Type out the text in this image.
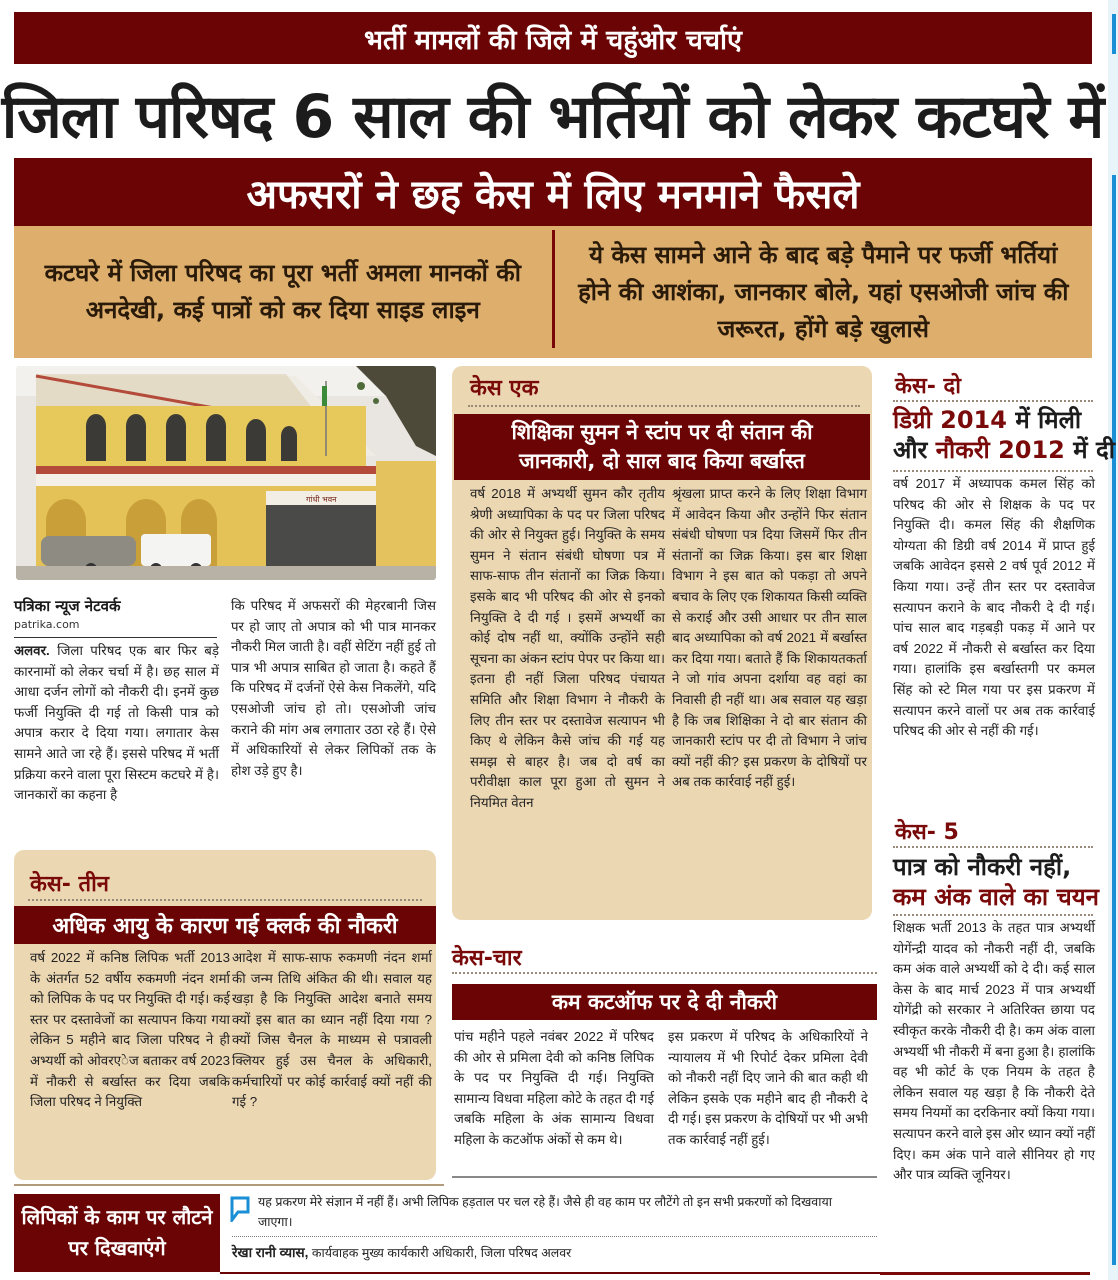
भर्ती मामलों की जिले में चहुंओर चर्चाएं
जिला परिषद 6 साल की भर्तियों को लेकर कटघरे में
अफसरों ने छह केस में लिए मनमाने फैसले
कटघरे में जिला परिषद का पूरा भर्ती अमला मानकों की अनदेखी, कई पात्रों को कर दिया साइड लाइन
ये केस सामने आने के बाद बड़े पैमाने पर फर्जी भर्तियां होने की आशंका, जानकार बोले, यहां एसओजी जांच की जरूरत, होंगे बड़े खुलासे
गांधी भवन
पत्रिका न्यूज नेटवर्क
patrika.com
अलवर. जिला परिषद एक बार फिर बड़े कारनामों को लेकर चर्चा में है। छह साल में आधा दर्जन लोगों को नौकरी दी। इनमें कुछ फर्जी नियुक्ति दी गई तो किसी पात्र को अपात्र करार दे दिया गया। लगातार केस सामने आते जा रहे हैं। इससे परिषद में भर्ती प्रक्रिया करने वाला पूरा सिस्टम कटघरे में है। जानकारों का कहना है
कि परिषद में अफसरों की मेहरबानी जिस पर हो जाए तो अपात्र को भी पात्र मानकर नौकरी मिल जाती है। वहीं सेटिंग नहीं हुई तो पात्र भी अपात्र साबित हो जाता है। कहते हैं कि परिषद में दर्जनों ऐसे केस निकलेंगे, यदि एसओजी जांच हो तो। एसओजी जांच कराने की मांग अब लगातार उठा रहे हैं। ऐसे में अधिकारियों से लेकर लिपिकों तक के होश उड़े हुए है।
केस एक
शिक्षिका सुमन ने स्टांप पर दी संतान की जानकारी, दो साल बाद किया बर्खास्त
वर्ष 2018 में अभ्यर्थी सुमन कौर तृतीय श्रेणी अध्यापिका के पद पर जिला परिषद की ओर से नियुक्त हुई। नियुक्ति के समय सुमन ने संतान संबंधी घोषणा पत्र में साफ-साफ तीन संतानों का जिक्र किया। इसके बाद भी परिषद की ओर से इनको नियुक्ति दे दी गई । इसमें अभ्यर्थी का कोई दोष नहीं था, क्योंकि उन्होंने सही सूचना का अंकन स्टांप पेपर पर किया था। इतना ही नहीं जिला परिषद पंचायत समिति और शिक्षा विभाग ने नौकरी के लिए तीन स्तर पर दस्तावेज सत्यापन भी किए थे लेकिन कैसे जांच की गई यह समझ से बाहर है। जब दो वर्ष का परीवीक्षा काल पूरा हुआ तो सुमन ने नियमित वेतन
श्रृंखला प्राप्त करने के लिए शिक्षा विभाग में आवेदन किया और उन्होंने फिर संतान संबंधी घोषणा पत्र दिया जिसमें फिर तीन संतानों का जिक्र किया। इस बार शिक्षा विभाग ने इस बात को पकड़ा तो अपने बचाव के लिए एक शिकायत किसी व्यक्ति से कराई और उसी आधार पर तीन साल बाद अध्यापिका को वर्ष 2021 में बर्खास्त कर दिया गया। बताते हैं कि शिकायतकर्ता ने जो गांव अपना दर्शाया वह वहां का निवासी ही नहीं था। अब सवाल यह खड़ा है कि जब शिक्षिका ने दो बार संतान की जानकारी स्टांप पर दी तो विभाग ने जांच क्यों नहीं की? इस प्रकरण के दोषियों पर अब तक कार्रवाई नहीं हुई।
केस- दो
डिग्री 2014 में मिली और नौकरी 2012 में दी
वर्ष 2017 में अध्यापक कमल सिंह को परिषद की ओर से शिक्षक के पद पर नियुक्ति दी। कमल सिंह की शैक्षणिक योग्यता की डिग्री वर्ष 2014 में प्राप्त हुई जबकि आवेदन इससे 2 वर्ष पूर्व 2012 में किया गया। उन्हें तीन स्तर पर दस्तावेज सत्यापन कराने के बाद नौकरी दे दी गई। पांच साल बाद गड़बड़ी पकड़ में आने पर वर्ष 2022 में नौकरी से बर्खास्त कर दिया गया। हालांकि इस बर्खास्तगी पर कमल सिंह को स्टे मिल गया पर इस प्रकरण में सत्यापन करने वालों पर अब तक कार्रवाई परिषद की ओर से नहीं की गई।
केस- 5
पात्र को नौकरी नहीं,
कम अंक वाले का चयन
शिक्षक भर्ती 2013 के तहत पात्र अभ्यर्थी योगेंन्द्री यादव को नौकरी नहीं दी, जबकि कम अंक वाले अभ्यर्थी को दे दी। कई साल केस के बाद मार्च 2023 में पात्र अभ्यर्थी योगेंद्री को सरकार ने अतिरिक्त छाया पद स्वीकृत करके नौकरी दी है। कम अंक वाला अभ्यर्थी भी नौकरी में बना हुआ है। हालांकि वह भी कोर्ट के एक नियम के तहत है लेकिन सवाल यह खड़ा है कि नौकरी देते समय नियमों का दरकिनार क्यों किया गया। सत्यापन करने वाले इस ओर ध्यान क्यों नहीं दिए। कम अंक पाने वाले सीनियर हो गए और पात्र व्यक्ति जूनियर।
केस- तीन
अधिक आयु के कारण गई क्लर्क की नौकरी
वर्ष 2022 में कनिष्ठ लिपिक भर्ती 2013 के अंतर्गत 52 वर्षीय रुकमणी नंदन शर्मा को लिपिक के पद पर नियुक्ति दी गई। कई स्तर पर दस्तावेजों का सत्यापन किया गया लेकिन 5 महीने बाद जिला परिषद ने ही अभ्यर्थी को ओवरएेज बताकर वर्ष 2023 में नौकरी से बर्खास्त कर दिया जबकि जिला परिषद ने नियुक्ति
आदेश में साफ-साफ रुकमणी नंदन शर्मा की जन्म तिथि अंकित की थी। सवाल यह खड़ा है कि नियुक्ति आदेश बनाते समय क्यों इस बात का ध्यान नहीं दिया गया ? क्यों जिस चैनल के माध्यम से पत्रावली क्लियर हुई उस चैनल के अधिकारी, कर्मचारियों पर कोई कार्रवाई क्यों नहीं की गई ?
केस-चार
कम कटऑफ पर दे दी नौकरी
पांच महीने पहले नवंबर 2022 में परिषद की ओर से प्रमिला देवी को कनिष्ठ लिपिक के पद पर नियुक्ति दी गई। नियुक्ति सामान्य विधवा महिला कोटे के तहत दी गई जबकि महिला के अंक सामान्य विधवा महिला के कटऑफ अंकों से कम थे।
इस प्रकरण में परिषद के अधिकारियों ने न्यायालय में भी रिपोर्ट देकर प्रमिला देवी को नौकरी नहीं दिए जाने की बात कही थी लेकिन इसके एक महीने बाद ही नौकरी दे दी गई। इस प्रकरण के दोषियों पर भी अभी तक कार्रवाई नहीं हुई।
लिपिकों के काम पर लौटने पर दिखवाएंगे
यह प्रकरण मेरे संज्ञान में नहीं हैं। अभी लिपिक हड़ताल पर चल रहे हैं। जैसे ही वह काम पर लौटेंगे तो इन सभी प्रकरणों को दिखवाया जाएगा।
रेखा रानी व्यास, कार्यवाहक मुख्य कार्यकारी अधिकारी, जिला परिषद अलवर
